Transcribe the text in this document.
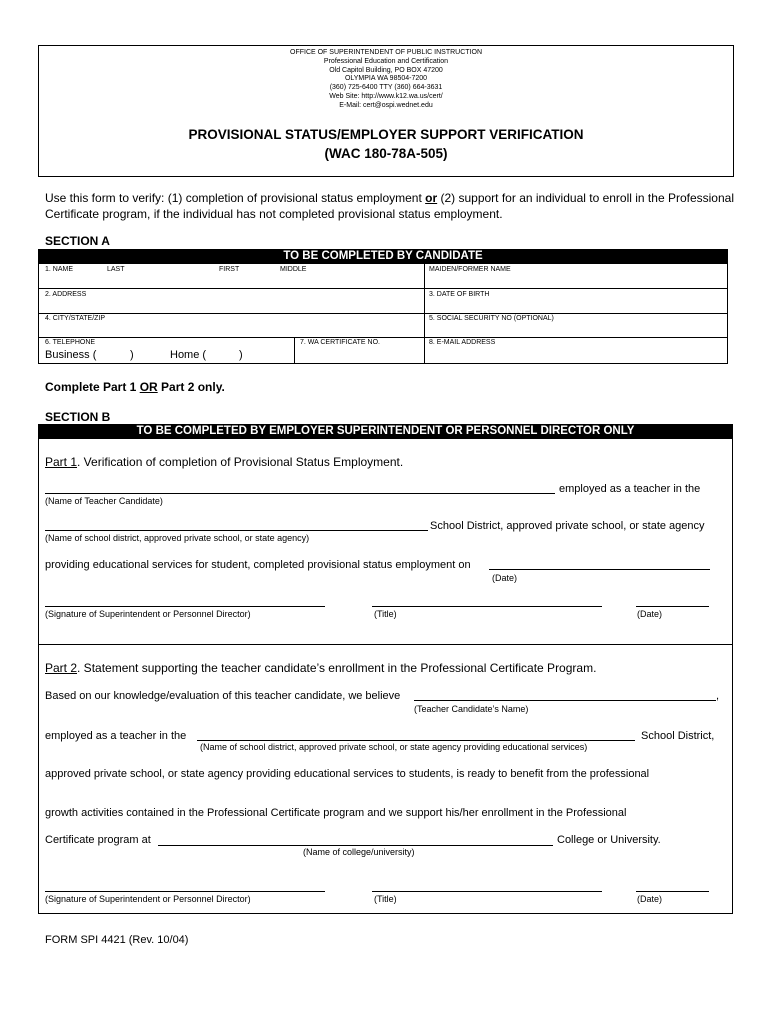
OFFICE OF SUPERINTENDENT OF PUBLIC INSTRUCTION
Professional Education and Certification
Old Capitol Building, PO BOX 47200
OLYMPIA WA 98504-7200
(360) 725-6400 TTY (360) 664-3631
Web Site: http://www.k12.wa.us/cert/
E-Mail: cert@ospi.wednet.edu
PROVISIONAL STATUS/EMPLOYER SUPPORT VERIFICATION
(WAC 180-78A-505)
Use this form to verify: (1) completion of provisional status employment or (2) support for an individual to enroll in the Professional Certificate program, if the individual has not completed provisional status employment.
SECTION A
TO BE COMPLETED BY CANDIDATE
1. NAME	LAST	FIRST	MIDDLE	MAIDEN/FORMER NAME
2. ADDRESS	3. DATE OF BIRTH
4. CITY/STATE/ZIP	5. SOCIAL SECURITY NO (OPTIONAL)
6. TELEPHONE
Business (	)	Home (	)
7. WA CERTIFICATE NO.	8. E-MAIL ADDRESS
Complete Part 1 OR Part 2 only.
SECTION B
TO BE COMPLETED BY EMPLOYER SUPERINTENDENT OR PERSONNEL DIRECTOR ONLY
Part 1. Verification of completion of Provisional Status Employment.
employed as a teacher in the
(Name of Teacher Candidate)
School District, approved private school, or state agency
(Name of school district, approved private school, or state agency)
providing educational services for student, completed provisional status employment on
(Date)
(Signature of Superintendent or Personnel Director)	(Title)	(Date)
Part 2. Statement supporting the teacher candidate’s enrollment in the Professional Certificate Program.
Based on our knowledge/evaluation of this teacher candidate, we believe	,
(Teacher Candidate’s Name)
employed as a teacher in the	School District,
(Name of school district, approved private school, or state agency providing educational services)
approved private school, or state agency providing educational services to students, is ready to benefit from the professional
growth activities contained in the Professional Certificate program and we support his/her enrollment in the Professional
Certificate program at	College or University.
(Name of college/university)
(Signature of Superintendent or Personnel Director)	(Title)	(Date)
FORM SPI 4421 (Rev. 10/04)
